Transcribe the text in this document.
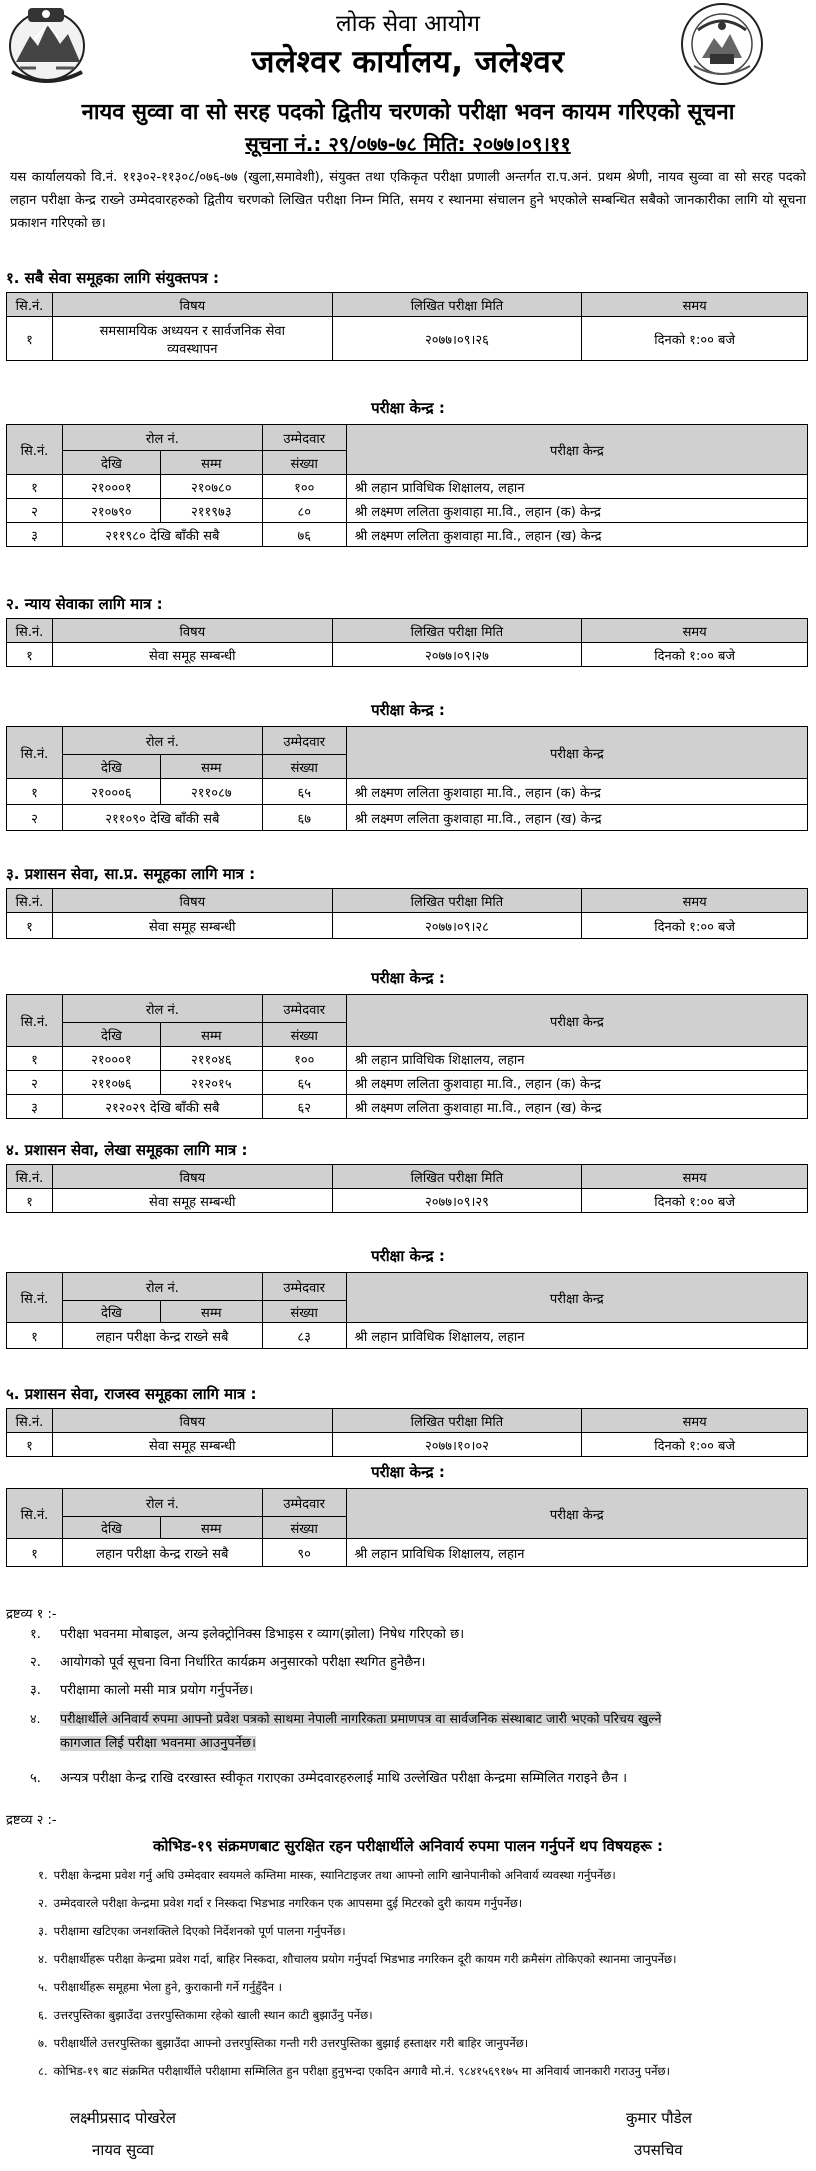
लोक सेवा आयोग
जलेश्वर कार्यालय, जलेश्वर
नायव सुव्वा वा सो सरह पदको द्वितीय चरणको परीक्षा भवन कायम गरिएको सूचना
सूचना नं.: २९/०७७-७८ मिति: २०७७।०९।११
यस कार्यालयको वि.नं. ११३०२-११३०८/०७६-७७ (खुला,समावेशी), संयुक्त तथा एकिकृत परीक्षा प्रणाली अन्तर्गत रा.प.अनं. प्रथम श्रेणी, नायव सुव्वा वा सो सरह पदको लहान परीक्षा केन्द्र राख्ने उम्मेदवारहरुको द्वितीय चरणको लिखित परीक्षा निम्न मिति, समय र स्थानमा संचालन हुने भएकोले सम्बन्धित सबैको जानकारीका लागि यो सूचना प्रकाशन गरिएको छ।
१. सबै सेवा समूहका लागि संयुक्तपत्र :
सि.नं.	विषय	लिखित परीक्षा मिति	समय
१	समसामयिक अध्ययन र सार्वजनिक सेवा
व्यवस्थापन	२०७७।०९।२६	दिनको १:०० बजे
परीक्षा केन्द्र :
सि.नं.	रोल नं.		उम्मेदवार	परीक्षा केन्द्र
	देखि	सम्म	संख्या	
१	२१०००१	२१०७८०	१००	श्री लहान प्राविधिक शिक्षालय, लहान
२	२१०७९०	२११९७३	८०	श्री लक्ष्मण ललिता कुशवाहा मा.वि., लहान (क) केन्द्र
३	२११९८० देखि बाँकी सबै		७६	श्री लक्ष्मण ललिता कुशवाहा मा.वि., लहान (ख) केन्द्र
२. न्याय सेवाका लागि मात्र :
सि.नं.	विषय	लिखित परीक्षा मिति	समय
१	सेवा समूह सम्बन्धी	२०७७।०९।२७	दिनको १:०० बजे
परीक्षा केन्द्र :
सि.नं.	रोल नं.		उम्मेदवार	परीक्षा केन्द्र
	देखि	सम्म	संख्या	
१	२१०००६	२११०८७	६५	श्री लक्ष्मण ललिता कुशवाहा मा.वि., लहान (क) केन्द्र
२	२११०९० देखि बाँकी सबै		६७	श्री लक्ष्मण ललिता कुशवाहा मा.वि., लहान (ख) केन्द्र
३. प्रशासन सेवा, सा.प्र. समूहका लागि मात्र :
सि.नं.	विषय	लिखित परीक्षा मिति	समय
१	सेवा समूह सम्बन्धी	२०७७।०९।२८	दिनको १:०० बजे
परीक्षा केन्द्र :
सि.नं.	रोल नं.		उम्मेदवार	परीक्षा केन्द्र
	देखि	सम्म	संख्या	
१	२१०००१	२११०४६	१००	श्री लहान प्राविधिक शिक्षालय, लहान
२	२११०७६	२१२०१५	६५	श्री लक्ष्मण ललिता कुशवाहा मा.वि., लहान (क) केन्द्र
३	२१२०२९ देखि बाँकी सबै		६२	श्री लक्ष्मण ललिता कुशवाहा मा.वि., लहान (ख) केन्द्र
४. प्रशासन सेवा, लेखा समूहका लागि मात्र :
सि.नं.	विषय	लिखित परीक्षा मिति	समय
१	सेवा समूह सम्बन्धी	२०७७।०९।२९	दिनको १:०० बजे
परीक्षा केन्द्र :
सि.नं.	रोल नं.		उम्मेदवार	परीक्षा केन्द्र
	देखि	सम्म	संख्या	
१	लहान परीक्षा केन्द्र राख्ने सबै		८३	श्री लहान प्राविधिक शिक्षालय, लहान
५. प्रशासन सेवा, राजस्व समूहका लागि मात्र :
सि.नं.	विषय	लिखित परीक्षा मिति	समय
१	सेवा समूह सम्बन्धी	२०७७।१०।०२	दिनको १:०० बजे
परीक्षा केन्द्र :
सि.नं.	रोल नं.		उम्मेदवार	परीक्षा केन्द्र
	देखि	सम्म	संख्या	
१	लहान परीक्षा केन्द्र राख्ने सबै		९०	श्री लहान प्राविधिक शिक्षालय, लहान
द्रष्टव्य १ :-
१. परीक्षा भवनमा मोबाइल, अन्य इलेक्ट्रोनिक्स डिभाइस र व्याग(झोला) निषेध गरिएको छ।
२. आयोगको पूर्व सूचना विना निर्धारित कार्यक्रम अनुसारको परीक्षा स्थगित हुनेछैन।
३. परीक्षामा कालो मसी मात्र प्रयोग गर्नुपर्नेछ।
४. परीक्षार्थीले अनिवार्य रुपमा आफ्नो प्रवेश पत्रको साथमा नेपाली नागरिकता प्रमाणपत्र वा सार्वजनिक संस्थाबाट जारी भएको परिचय खुल्ने
कागजात लिई परीक्षा भवनमा आउनुपर्नेछ।
५. अन्यत्र परीक्षा केन्द्र राखि दरखास्त स्वीकृत गराएका उम्मेदवारहरुलाई माथि उल्लेखित परीक्षा केन्द्रमा सम्मिलित गराइने छैन ।
द्रष्टव्य २ :-
कोभिड-१९ संक्रमणबाट सुरक्षित रहन परीक्षार्थीले अनिवार्य रुपमा पालन गर्नुपर्ने थप विषयहरू :
१. परीक्षा केन्द्रमा प्रवेश गर्नु अघि उम्मेदवार स्वयमले कम्तिमा मास्क, स्यानिटाइजर तथा आफ्नो लागि खानेपानीको अनिवार्य व्यवस्था गर्नुपर्नेछ।
२. उम्मेदवारले परीक्षा केन्द्रमा प्रवेश गर्दा र निस्कदा भिडभाड नगरिकन एक आपसमा दुई मिटरको दुरी कायम गर्नुपर्नेछ।
३. परीक्षामा खटिएका जनशक्तिले दिएको निर्देशनको पूर्ण पालना गर्नुपर्नेछ।
४. परीक्षार्थीहरू परीक्षा केन्द्रमा प्रवेश गर्दा, बाहिर निस्कदा, शौचालय प्रयोग गर्नुपर्दा भिडभाड नगरिकन दूरी कायम गरी क्रमैसंग तोकिएको स्थानमा जानुपर्नेछ।
५. परीक्षार्थीहरू समूहमा भेला हुने, कुराकानी गर्ने गर्नुहुँदैन ।
६. उत्तरपुस्तिका बुझाउँदा उत्तरपुस्तिकामा रहेको खाली स्थान काटी बुझाउँनु पर्नेछ।
७. परीक्षार्थीले उत्तरपुस्तिका बुझाउँदा आफ्नो उत्तरपुस्तिका गन्ती गरी उत्तरपुस्तिका बुझाई हस्ताक्षर गरी बाहिर जानुपर्नेछ।
८. कोभिड-१९ बाट संक्रमित परीक्षार्थीले परीक्षामा सम्मिलित हुन परीक्षा हुनुभन्दा एकदिन अगावै मो.नं. ९८४१५६९१७५ मा अनिवार्य जानकारी गराउनु पर्नेछ।
लक्ष्मीप्रसाद पोखरेल
नायव सुव्वा
कुमार पौडेल
उपसचिव
